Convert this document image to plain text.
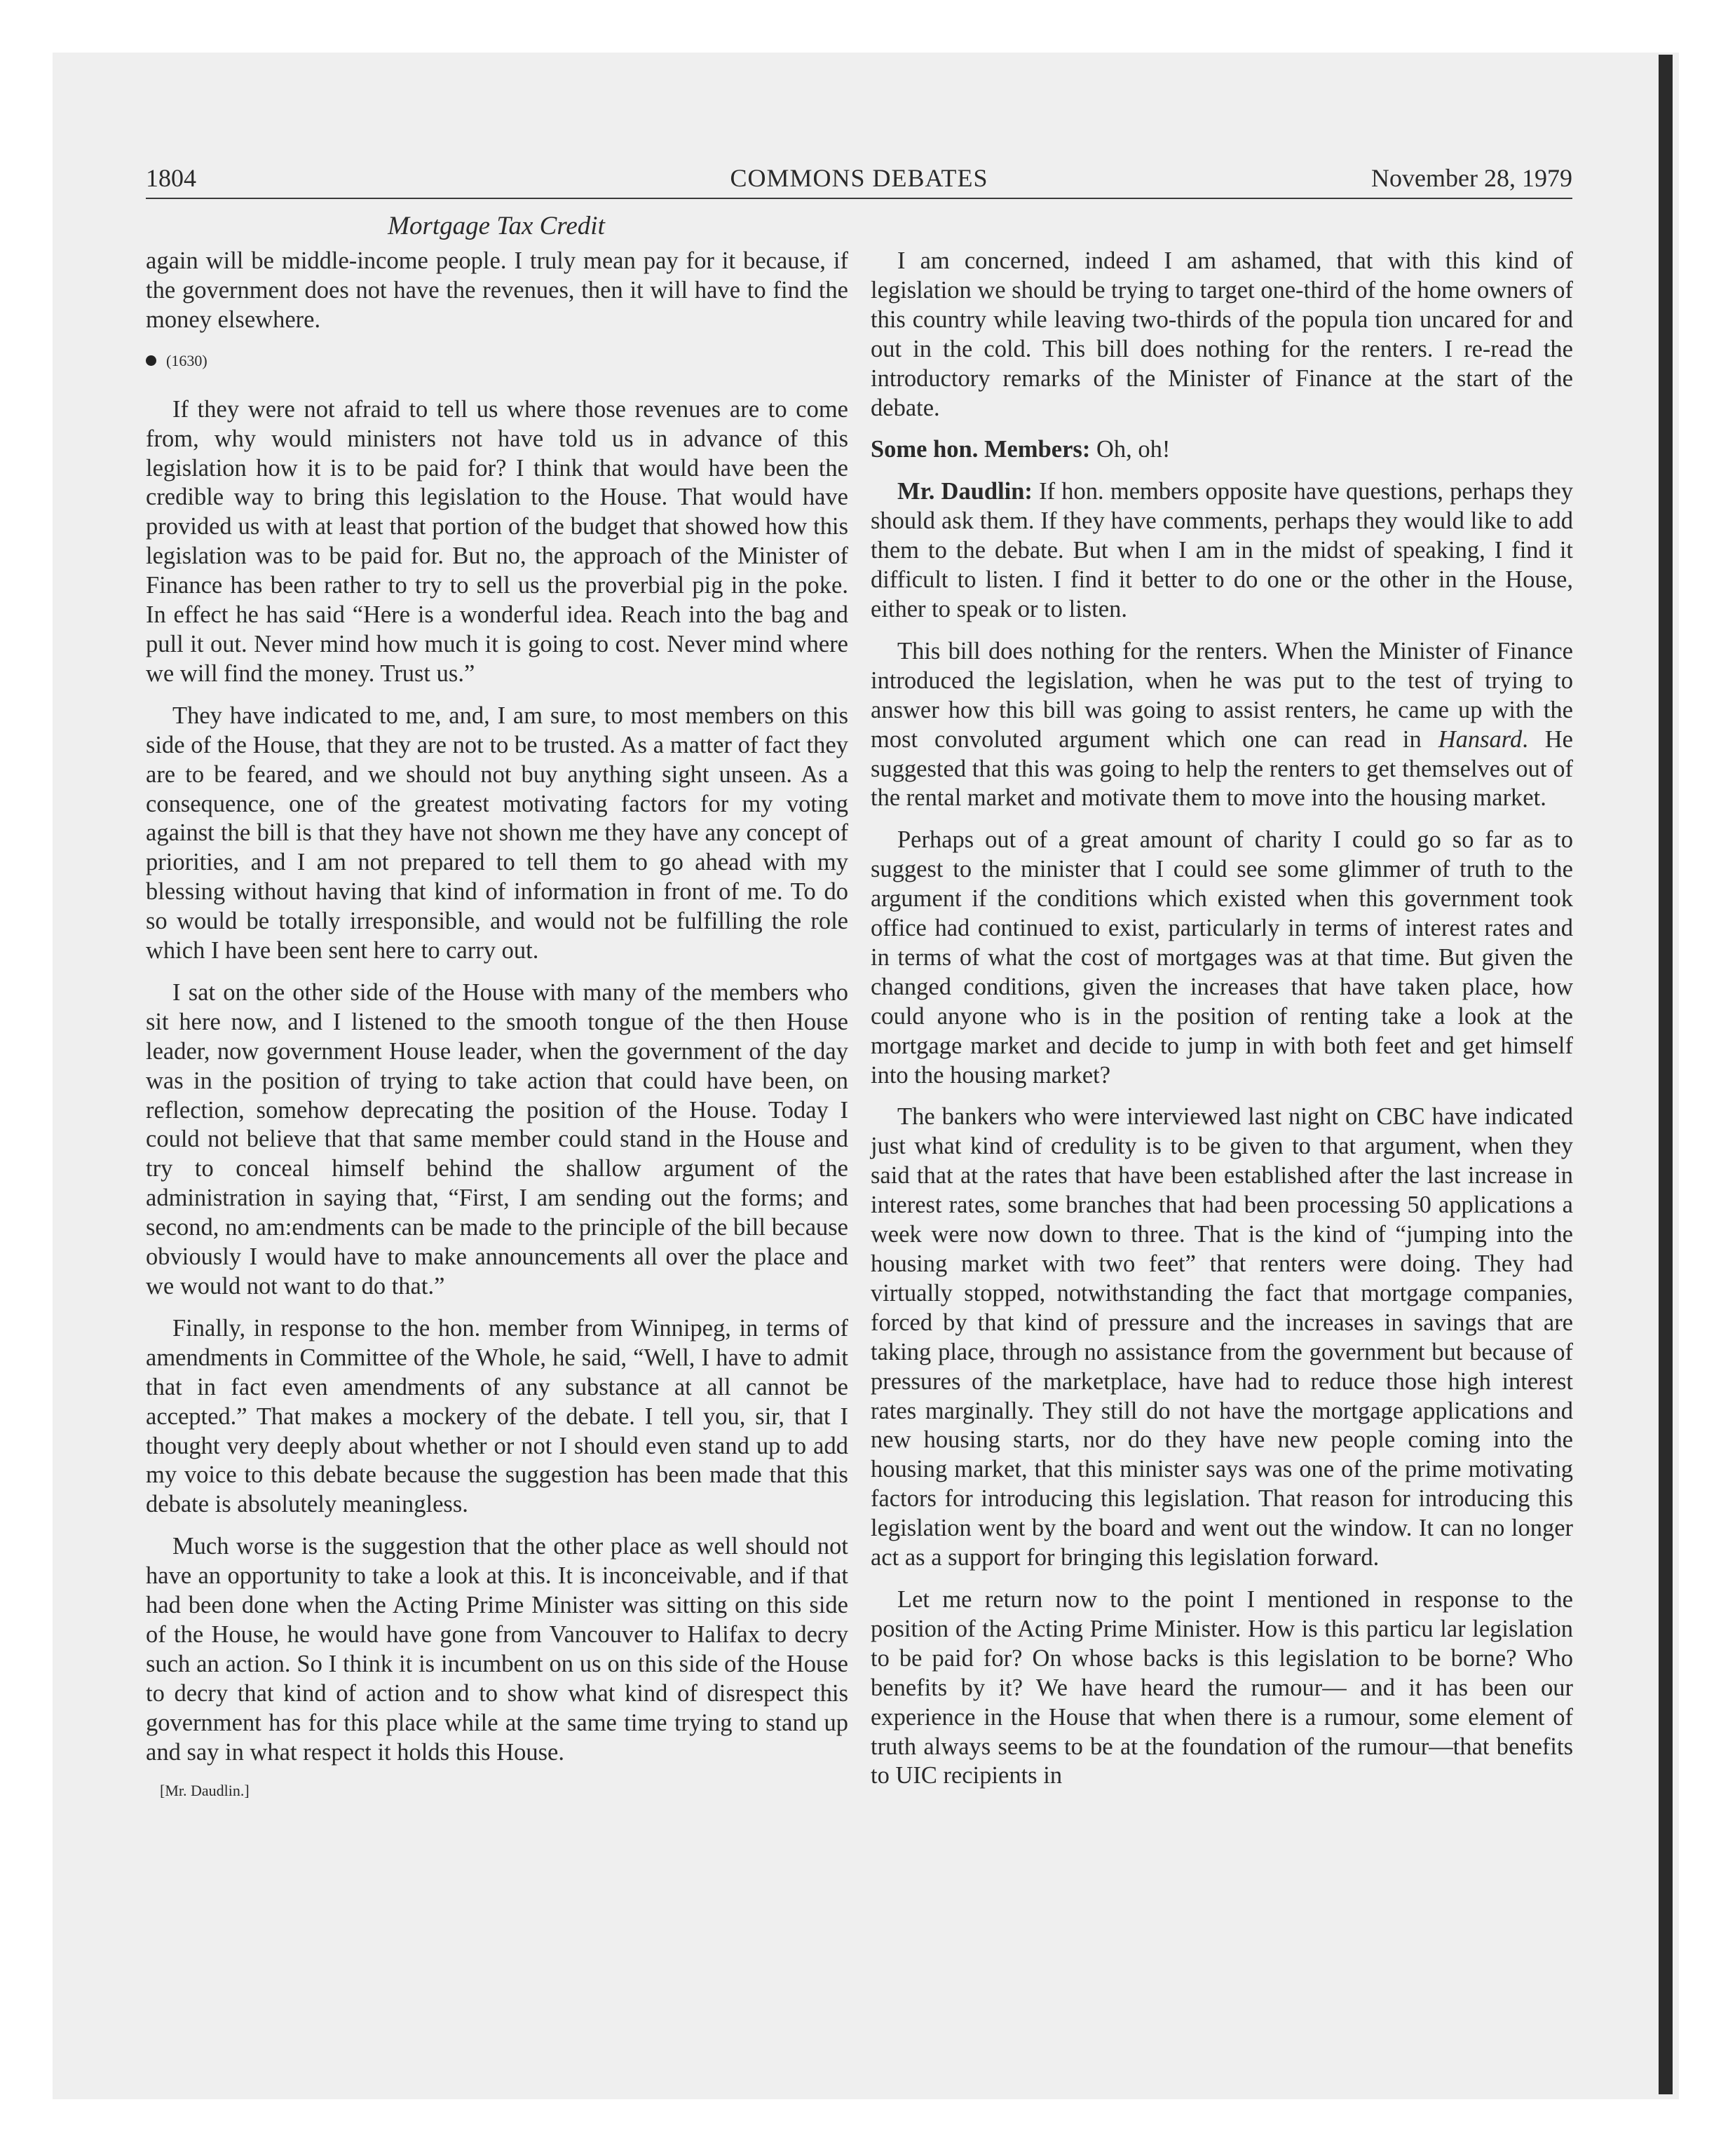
1804	COMMONS DEBATES	November 28, 1979
Mortgage Tax Credit

again will be middle-income people. I truly mean pay for it because, if the government does not have the revenues, then it will have to find the money elsewhere.

(1630)

If they were not afraid to tell us where those revenues are to come from, why would ministers not have told us in advance of this legislation how it is to be paid for? I think that would have been the credible way to bring this legislation to the House. That would have provided us with at least that portion of the budget that showed how this legislation was to be paid for. But no, the approach of the Minister of Finance has been rather to try to sell us the proverbial pig in the poke. In effect he has said “Here is a wonderful idea. Reach into the bag and pull it out. Never mind how much it is going to cost. Never mind where we will find the money. Trust us.”

They have indicated to me, and, I am sure, to most members on this side of the House, that they are not to be trusted. As a matter of fact they are to be feared, and we should not buy anything sight unseen. As a consequence, one of the greatest motivating factors for my voting against the bill is that they have not shown me they have any concept of priorities, and I am not prepared to tell them to go ahead with my blessing without having that kind of information in front of me. To do so would be totally irresponsible, and would not be fulfilling the role which I have been sent here to carry out.

I sat on the other side of the House with many of the members who sit here now, and I listened to the smooth tongue of the then House leader, now government House leader, when the government of the day was in the position of trying to take action that could have been, on reflection, somehow deprecating the position of the House. Today I could not believe that that same member could stand in the House and try to conceal himself behind the shallow argument of the administration in saying that, “First, I am sending out the forms; and second, no am:endments can be made to the principle of the bill because obviously I would have to make announcements all over the place and we would not want to do that.”

Finally, in response to the hon. member from Winnipeg, in terms of amendments in Committee of the Whole, he said, “Well, I have to admit that in fact even amendments of any substance at all cannot be accepted.” That makes a mockery of the debate. I tell you, sir, that I thought very deeply about whether or not I should even stand up to add my voice to this debate because the suggestion has been made that this debate is absolutely meaningless.

Much worse is the suggestion that the other place as well should not have an opportunity to take a look at this. It is inconceivable, and if that had been done when the Acting Prime Minister was sitting on this side of the House, he would have gone from Vancouver to Halifax to decry such an action. So I think it is incumbent on us on this side of the House to decry that kind of action and to show what kind of disrespect this government has for this place while at the same time trying to stand up and say in what respect it holds this House.

[Mr. Daudlin.]

I am concerned, indeed I am ashamed, that with this kind of legislation we should be trying to target one-third of the home owners of this country while leaving two-thirds of the popula tion uncared for and out in the cold. This bill does nothing for the renters. I re-read the introductory remarks of the Minister of Finance at the start of the debate.

Some hon. Members: Oh, oh!

Mr. Daudlin: If hon. members opposite have questions, perhaps they should ask them. If they have comments, perhaps they would like to add them to the debate. But when I am in the midst of speaking, I find it difficult to listen. I find it better to do one or the other in the House, either to speak or to listen.

This bill does nothing for the renters. When the Minister of Finance introduced the legislation, when he was put to the test of trying to answer how this bill was going to assist renters, he came up with the most convoluted argument which one can read in Hansard. He suggested that this was going to help the renters to get themselves out of the rental market and motivate them to move into the housing market.

Perhaps out of a great amount of charity I could go so far as to suggest to the minister that I could see some glimmer of truth to the argument if the conditions which existed when this government took office had continued to exist, particularly in terms of interest rates and in terms of what the cost of mortgages was at that time. But given the changed conditions, given the increases that have taken place, how could anyone who is in the position of renting take a look at the mortgage market and decide to jump in with both feet and get himself into the housing market?

The bankers who were interviewed last night on CBC have indicated just what kind of credulity is to be given to that argument, when they said that at the rates that have been established after the last increase in interest rates, some branches that had been processing 50 applications a week were now down to three. That is the kind of “jumping into the housing market with two feet” that renters were doing. They had virtually stopped, notwithstanding the fact that mortgage companies, forced by that kind of pressure and the increases in savings that are taking place, through no assistance from the government but because of pressures of the marketplace, have had to reduce those high interest rates marginally. They still do not have the mortgage applications and new housing starts, nor do they have new people coming into the housing market, that this minister says was one of the prime motivating factors for introducing this legislation. That reason for introducing this legislation went by the board and went out the window. It can no longer act as a support for bringing this legislation forward.

Let me return now to the point I mentioned in response to the position of the Acting Prime Minister. How is this particu lar legislation to be paid for? On whose backs is this legislation to be borne? Who benefits by it? We have heard the rumour— and it has been our experience in the House that when there is a rumour, some element of truth always seems to be at the foundation of the rumour—that benefits to UIC recipients in
